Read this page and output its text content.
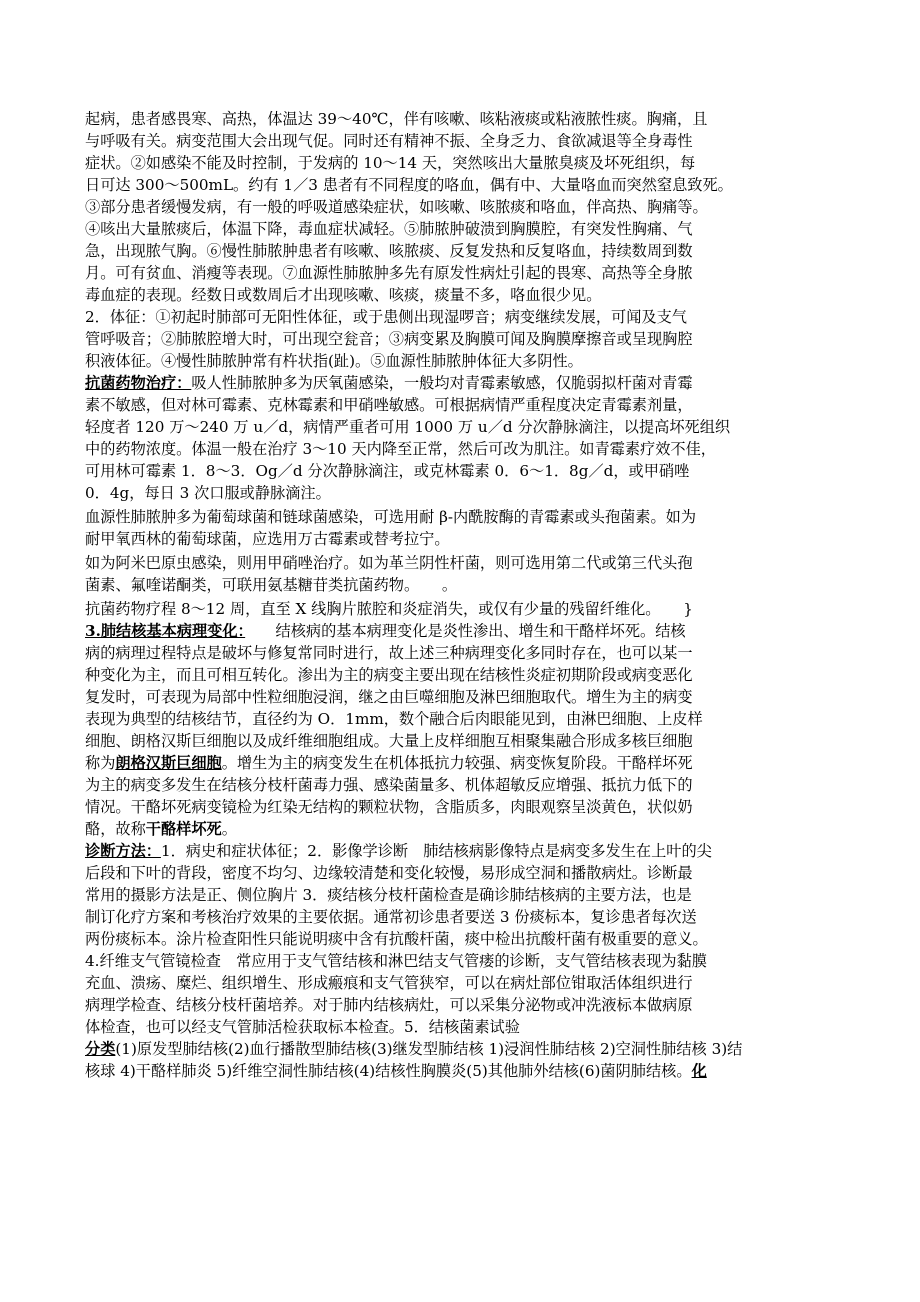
起病，患者感畏寒、高热，体温达 39～40℃，伴有咳嗽、咳粘液痰或粘液脓性痰。胸痛，且
与呼吸有关。病变范围大会出现气促。同时还有精神不振、全身乏力、食欲减退等全身毒性
症状。②如感染不能及时控制，于发病的 10～14 天，突然咳出大量脓臭痰及坏死组织，每
日可达 300～500mL。约有 1／3 患者有不同程度的咯血，偶有中、大量咯血而突然窒息致死。
③部分患者缓慢发病，有一般的呼吸道感染症状，如咳嗽、咳脓痰和咯血，伴高热、胸痛等。
④咳出大量脓痰后，体温下降，毒血症状减轻。⑤肺脓肿破溃到胸膜腔，有突发性胸痛、气
急，出现脓气胸。⑥慢性肺脓肿患者有咳嗽、咳脓痰、反复发热和反复咯血，持续数周到数
月。可有贫血、消瘦等表现。⑦血源性肺脓肿多先有原发性病灶引起的畏寒、高热等全身脓
毒血症的表现。经数日或数周后才出现咳嗽、咳痰，痰量不多，咯血很少见。
2．体征：①初起时肺部可无阳性体征，或于患侧出现湿啰音；病变继续发展，可闻及支气
管呼吸音；②肺脓腔增大时，可出现空瓮音；③病变累及胸膜可闻及胸膜摩擦音或呈现胸腔
积液体征。④慢性肺脓肿常有杵状指(趾)。⑤血源性肺脓肿体征大多阴性。
抗菌药物治疗：吸人性肺脓肿多为厌氧菌感染，一般均对青霉素敏感，仅脆弱拟杆菌对青霉
素不敏感，但对林可霉素、克林霉素和甲硝唑敏感。可根据病情严重程度决定青霉素剂量，
轻度者 120 万～240 万 u／d，病情严重者可用 1000 万 u／d 分次静脉滴注，以提高坏死组织
中的药物浓度。体温一般在治疗 3～10 天内降至正常，然后可改为肌注。如青霉素疗效不佳，
可用林可霉素 1．8～3．Og／d 分次静脉滴注，或克林霉素 0．6～1．8g／d，或甲硝唑
0．4g，每日 3 次口服或静脉滴注。
血源性肺脓肿多为葡萄球菌和链球菌感染，可选用耐 β-内酰胺酶的青霉素或头孢菌素。如为
耐甲氧西林的葡萄球菌，应选用万古霉素或替考拉宁。
如为阿米巴原虫感染，则用甲硝唑治疗。如为革兰阴性杆菌，则可选用第二代或第三代头孢
菌素、氟喹诺酮类，可联用氨基糖苷类抗菌药物。　　。
抗菌药物疗程 8～12 周，直至 X 线胸片脓腔和炎症消失，或仅有少量的残留纤维化。　　}
3.肺结核基本病理变化：　　结核病的基本病理变化是炎性渗出、增生和干酪样坏死。结核
病的病理过程特点是破坏与修复常同时进行，故上述三种病理变化多同时存在，也可以某一
种变化为主，而且可相互转化。渗出为主的病变主要出现在结核性炎症初期阶段或病变恶化
复发时，可表现为局部中性粒细胞浸润，继之由巨噬细胞及淋巴细胞取代。增生为主的病变
表现为典型的结核结节，直径约为 O．1mm，数个融合后肉眼能见到，由淋巴细胞、上皮样
细胞、朗格汉斯巨细胞以及成纤维细胞组成。大量上皮样细胞互相聚集融合形成多核巨细胞
称为朗格汉斯巨细胞。增生为主的病变发生在机体抵抗力较强、病变恢复阶段。干酪样坏死
为主的病变多发生在结核分枝杆菌毒力强、感染菌量多、机体超敏反应增强、抵抗力低下的
情况。干酪坏死病变镜检为红染无结构的颗粒状物，含脂质多，肉眼观察呈淡黄色，状似奶
酪，故称干酪样坏死。
诊断方法：1．病史和症状体征；2．影像学诊断　肺结核病影像特点是病变多发生在上叶的尖
后段和下叶的背段，密度不均匀、边缘较清楚和变化较慢，易形成空洞和播散病灶。诊断最
常用的摄影方法是正、侧位胸片 3．痰结核分枝杆菌检查是确诊肺结核病的主要方法，也是
制订化疗方案和考核治疗效果的主要依据。通常初诊患者要送 3 份痰标本，复诊患者每次送
两份痰标本。涂片检查阳性只能说明痰中含有抗酸杆菌，痰中检出抗酸杆菌有极重要的意义。
4.纤维支气管镜检查　常应用于支气管结核和淋巴结支气管瘘的诊断，支气管结核表现为黏膜
充血、溃疡、糜烂、组织增生、形成瘢痕和支气管狭窄，可以在病灶部位钳取活体组织进行
病理学检查、结核分枝杆菌培养。对于肺内结核病灶，可以采集分泌物或冲洗液标本做病原
体检查，也可以经支气管肺活检获取标本检查。5．结核菌素试验
分类(1)原发型肺结核(2)血行播散型肺结核(3)继发型肺结核 1)浸润性肺结核 2)空洞性肺结核 3)结
核球 4)干酪样肺炎 5)纤维空洞性肺结核(4)结核性胸膜炎(5)其他肺外结核(6)菌阴肺结核。化
